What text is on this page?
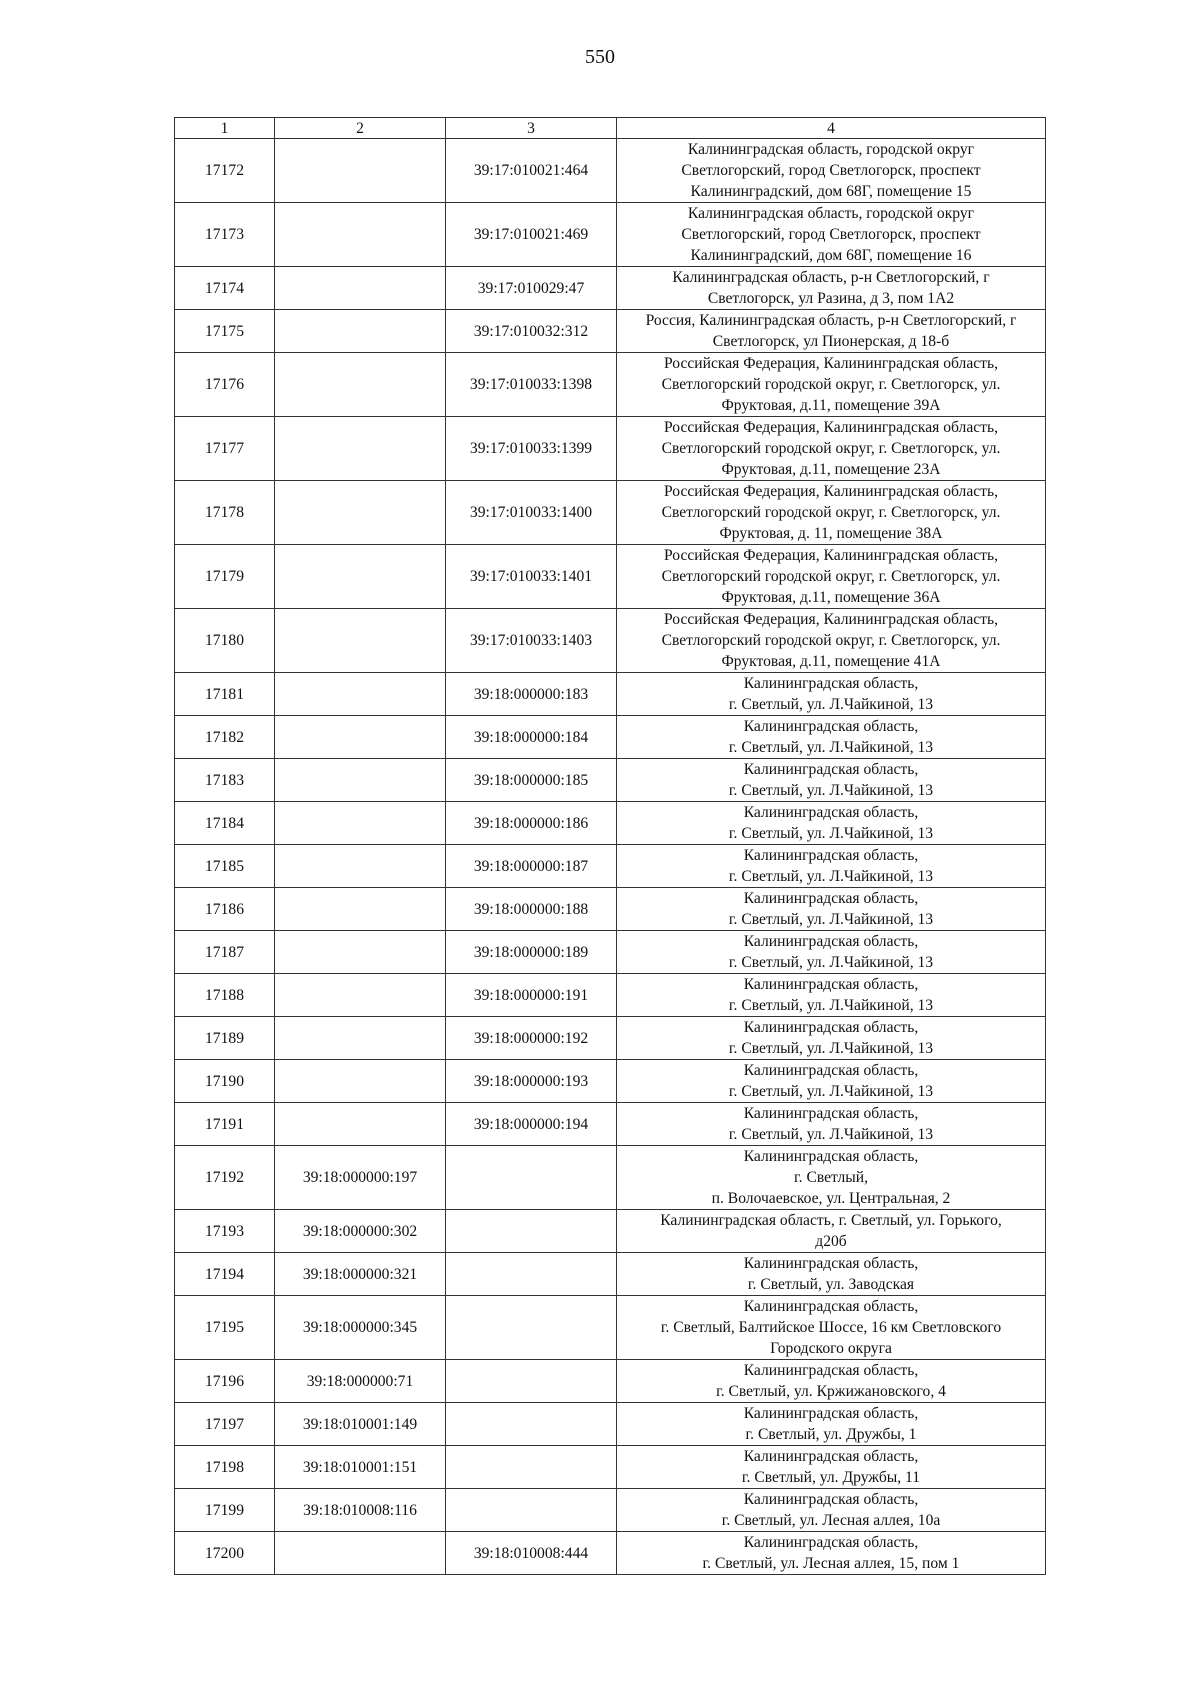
550
1	2	3	4
17172		39:17:010021:464	Калининградская область, городской округ
Светлогорский, город Светлогорск, проспект
Калининградский, дом 68Г, помещение 15

17173		39:17:010021:469	Калининградская область, городской округ
Светлогорский, город Светлогорск, проспект
Калининградский, дом 68Г, помещение 16

17174		39:17:010029:47	Калининградская область, р-н Светлогорский, г
Светлогорск, ул Разина, д 3, пом 1А2

17175		39:17:010032:312	Россия, Калининградская область, р-н Светлогорский, г
Светлогорск, ул Пионерская, д 18-б

17176		39:17:010033:1398	Российская Федерация, Калининградская область,
Светлогорский городской округ, г. Светлогорск, ул.
Фруктовая, д.11, помещение 39А

17177		39:17:010033:1399	Российская Федерация, Калининградская область,
Светлогорский городской округ, г. Светлогорск, ул.
Фруктовая, д.11, помещение 23А

17178		39:17:010033:1400	Российская Федерация, Калининградская область,
Светлогорский городской округ, г. Светлогорск, ул.
Фруктовая, д. 11, помещение 38А

17179		39:17:010033:1401	Российская Федерация, Калининградская область,
Светлогорский городской округ, г. Светлогорск, ул.
Фруктовая, д.11, помещение 36А

17180		39:17:010033:1403	Российская Федерация, Калининградская область,
Светлогорский городской округ, г. Светлогорск, ул.
Фруктовая, д.11, помещение 41А

17181		39:18:000000:183	Калининградская область,
г. Светлый, ул. Л.Чайкиной, 13

17182		39:18:000000:184	Калининградская область,
г. Светлый, ул. Л.Чайкиной, 13

17183		39:18:000000:185	Калининградская область,
г. Светлый, ул. Л.Чайкиной, 13

17184		39:18:000000:186	Калининградская область,
г. Светлый, ул. Л.Чайкиной, 13

17185		39:18:000000:187	Калининградская область,
г. Светлый, ул. Л.Чайкиной, 13

17186		39:18:000000:188	Калининградская область,
г. Светлый, ул. Л.Чайкиной, 13

17187		39:18:000000:189	Калининградская область,
г. Светлый, ул. Л.Чайкиной, 13

17188		39:18:000000:191	Калининградская область,
г. Светлый, ул. Л.Чайкиной, 13

17189		39:18:000000:192	Калининградская область,
г. Светлый, ул. Л.Чайкиной, 13

17190		39:18:000000:193	Калининградская область,
г. Светлый, ул. Л.Чайкиной, 13

17191		39:18:000000:194	Калининградская область,
г. Светлый, ул. Л.Чайкиной, 13

17192	39:18:000000:197		Калининградская область,
г. Светлый,
п. Волочаевское, ул. Центральная, 2

17193	39:18:000000:302		Калининградская область, г. Светлый, ул. Горького,
д20б

17194	39:18:000000:321		Калининградская область,
г. Светлый, ул. Заводская

17195	39:18:000000:345		Калининградская область,
г. Светлый, Балтийское Шоссе, 16 км Светловского
Городского округа

17196	39:18:000000:71		Калининградская область,
г. Светлый, ул. Кржижановского, 4

17197	39:18:010001:149		Калининградская область,
г. Светлый, ул. Дружбы, 1

17198	39:18:010001:151		Калининградская область,
г. Светлый, ул. Дружбы, 11

17199	39:18:010008:116		Калининградская область,
г. Светлый, ул. Лесная аллея, 10а

17200		39:18:010008:444	Калининградская область,
г. Светлый, ул. Лесная аллея, 15, пом 1
